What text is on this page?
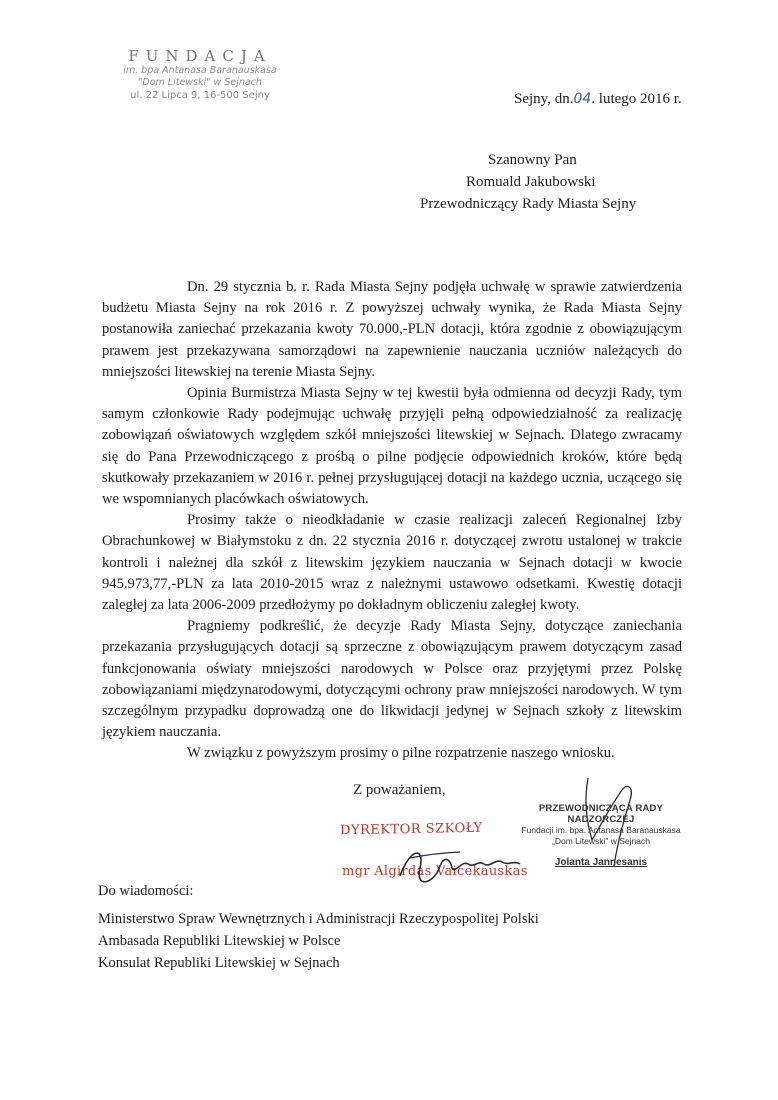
FUNDACJA
im. bpa Antanasa Baranauskasa
"Dom Litewski" w Sejnach
ul. 22 Lipca 9, 16-500 Sejny	Sejny, dn.04. lutego 2016 r.
Szanowny Pan
Romuald Jakubowski
Przewodniczący Rady Miasta Sejny

Dn. 29 stycznia b. r. Rada Miasta Sejny podjęła uchwałę w sprawie zatwierdzenia budżetu Miasta Sejny na rok 2016 r. Z powyższej uchwały wynika, że Rada Miasta Sejny postanowiła zaniechać przekazania kwoty 70.000,-PLN dotacji, która zgodnie z obowiązującym prawem jest przekazywana samorządowi na zapewnienie nauczania uczniów należących do mniejszości litewskiej na terenie Miasta Sejny.

Opinia Burmistrza Miasta Sejny w tej kwestii była odmienna od decyzji Rady, tym samym członkowie Rady podejmując uchwałę przyjęli pełną odpowiedzialność za realizację zobowiązań oświatowych względem szkół mniejszości litewskiej w Sejnach. Dlatego zwracamy się do Pana Przewodniczącego z prośbą o pilne podjęcie odpowiednich kroków, które będą skutkowały przekazaniem w 2016 r. pełnej przysługującej dotacji na każdego ucznia, uczącego się we wspomnianych placówkach oświatowych.

Prosimy także o nieodkładanie w czasie realizacji zaleceń Regionalnej Izby Obrachunkowej w Białymstoku z dn. 22 stycznia 2016 r. dotyczącej zwrotu ustalonej w trakcie kontroli i należnej dla szkół z litewskim językiem nauczania w Sejnach dotacji w kwocie 945.973,77,-PLN za lata 2010-2015 wraz z należnymi ustawowo odsetkami. Kwestię dotacji zaległej za lata 2006-2009 przedłożymy po dokładnym obliczeniu zaległej kwoty.

Pragniemy podkreślić, że decyzje Rady Miasta Sejny, dotyczące zaniechania przekazania przysługujących dotacji są sprzeczne z obowiązującym prawem dotyczącym zasad funkcjonowania oświaty mniejszości narodowych w Polsce oraz przyjętymi przez Polskę zobowiązaniami międzynarodowymi, dotyczącymi ochrony praw mniejszości narodowych. W tym szczególnym przypadku doprowadzą one do likwidacji jedynej w Sejnach szkoły z litewskim językiem nauczania.

W związku z powyższym prosimy o pilne rozpatrzenie naszego wniosku.

Z poważaniem,
DYREKTOR SZKOŁY
mgr Algirdas Vaicekauskas
PRZEWODNICZĄCA RADY NADZORCZEJ
Fundacji im. bpa. Antanasa Baranauskasa
„Dom Litewski" w Sejnach
Jolanta Jannesanis
Do wiadomości:
Ministerstwo Spraw Wewnętrznych i Administracji Rzeczypospolitej Polski
Ambasada Republiki Litewskiej w Polsce
Konsulat Republiki Litewskiej w Sejnach
